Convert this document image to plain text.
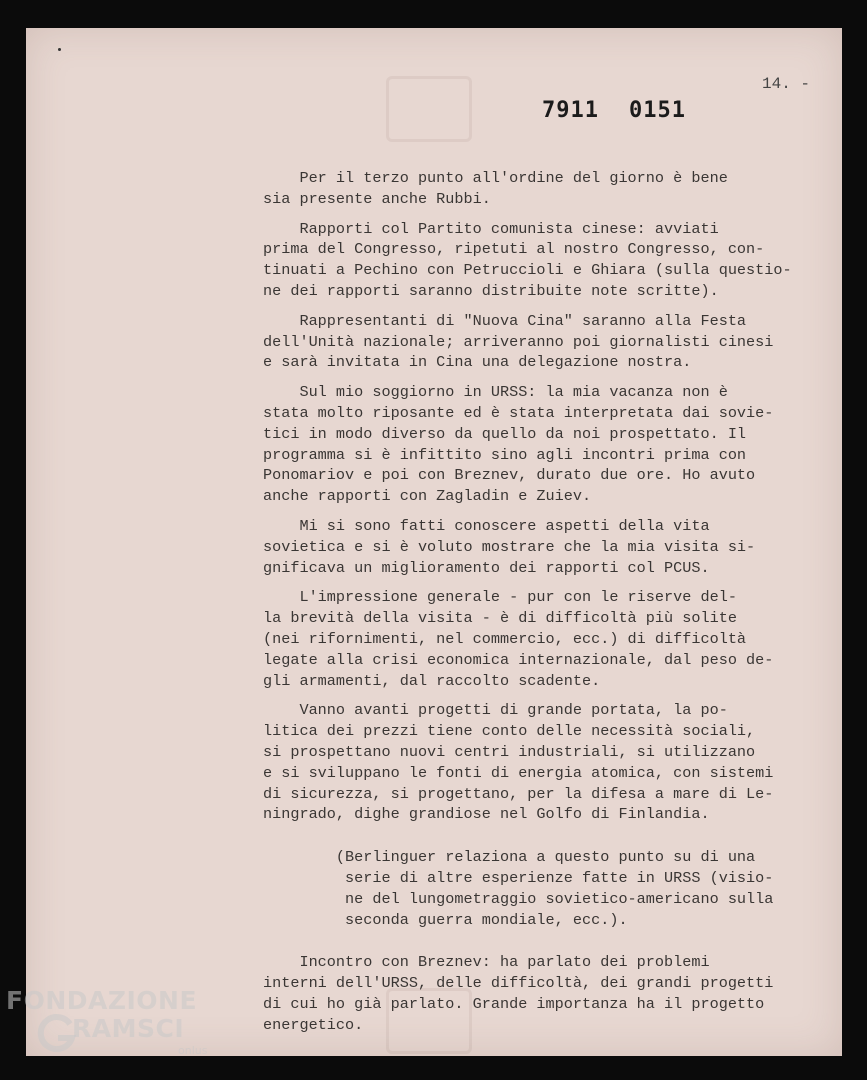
14. -
7911 0151

Per il terzo punto all'ordine del giorno è bene
sia presente anche Rubbi.

Rapporti col Partito comunista cinese: avviati
prima del Congresso, ripetuti al nostro Congresso, con-
tinuati a Pechino con Petruccioli e Ghiara (sulla questio-
ne dei rapporti saranno distribuite note scritte).

Rappresentanti di "Nuova Cina" saranno alla Festa
dell'Unità nazionale; arriveranno poi giornalisti cinesi
e sarà invitata in Cina una delegazione nostra.

Sul mio soggiorno in URSS: la mia vacanza non è
stata molto riposante ed è stata interpretata dai sovie-
tici in modo diverso da quello da noi prospettato. Il
programma si è infittito sino agli incontri prima con
Ponomariov e poi con Breznev, durato due ore. Ho avuto
anche rapporti con Zagladin e Zuiev.

Mi si sono fatti conoscere aspetti della vita
sovietica e si è voluto mostrare che la mia visita si-
gnificava un miglioramento dei rapporti col PCUS.

L'impressione generale - pur con le riserve del-
la brevità della visita - è di difficoltà più solite
(nei rifornimenti, nel commercio, ecc.) di difficoltà
legate alla crisi economica internazionale, dal peso de-
gli armamenti, dal raccolto scadente.

Vanno avanti progetti di grande portata, la po-
litica dei prezzi tiene conto delle necessità sociali,
si prospettano nuovi centri industriali, si utilizzano
e si sviluppano le fonti di energia atomica, con sistemi
di sicurezza, si progettano, per la difesa a mare di Le-
ningrado, dighe grandiose nel Golfo di Finlandia.

(Berlinguer relaziona a questo punto su di una
serie di altre esperienze fatte in URSS (visio-
ne del lungometraggio sovietico-americano sulla
seconda guerra mondiale, ecc.).

Incontro con Breznev: ha parlato dei problemi
interni dell'URSS, delle difficoltà, dei grandi progetti
di cui ho già parlato. Grande importanza ha il progetto
energetico.

FONDAZIONE
RAMSCI
onlus
